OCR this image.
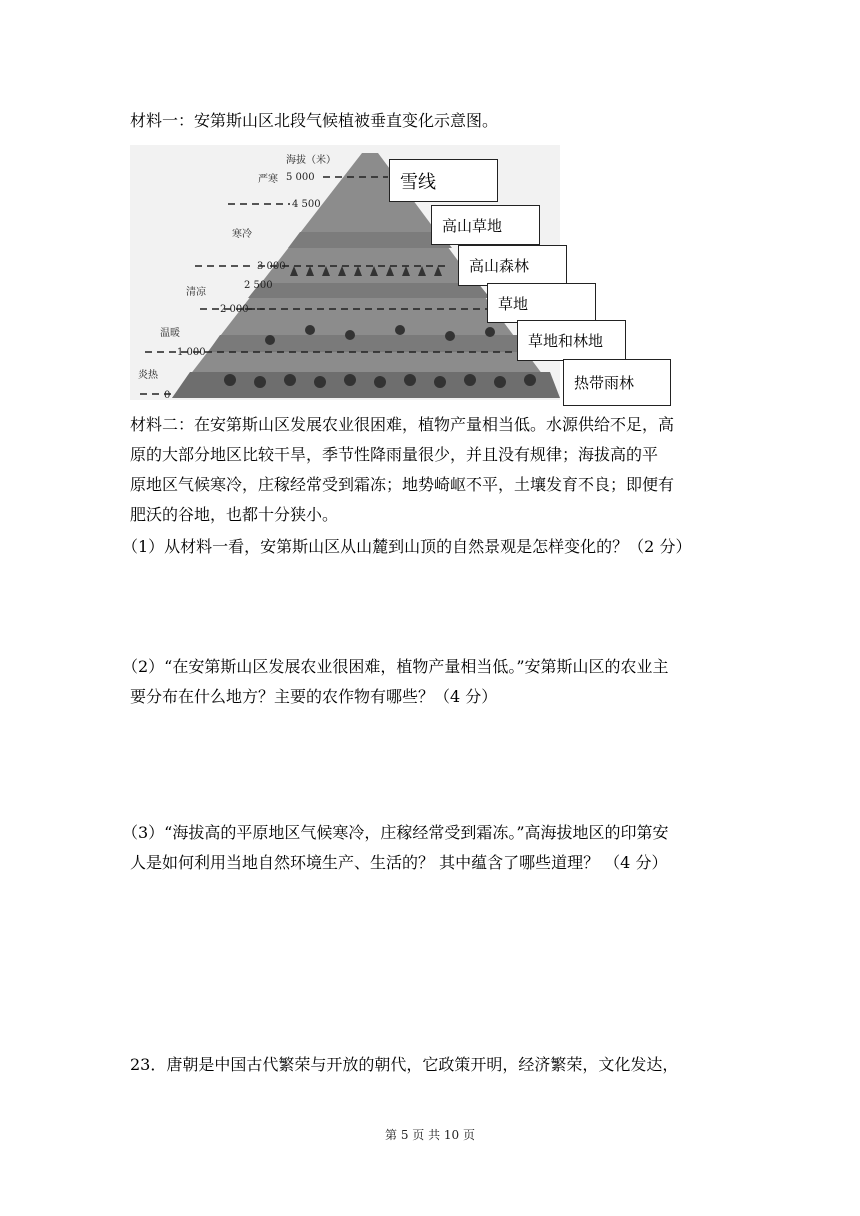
材料一：安第斯山区北段气候植被垂直变化示意图。

海拔（米）
5 000
4 500
3 000
2 500
2 000
1 000
0
严寒
寒冷
清凉
温暖
炎热
雪线
高山草地
高山森林
草地
草地和林地
热带雨林

材料二：在安第斯山区发展农业很困难，植物产量相当低。水源供给不足，高

原的大部分地区比较干旱，季节性降雨量很少，并且没有规律；海拔高的平

原地区气候寒冷，庄稼经常受到霜冻；地势崎岖不平，土壤发育不良；即便有

肥沃的谷地，也都十分狭小。

（1）从材料一看，安第斯山区从山麓到山顶的自然景观是怎样变化的？（2 分）

（2）“在安第斯山区发展农业很困难，植物产量相当低。”安第斯山区的农业主

要分布在什么地方？主要的农作物有哪些？（4 分）

（3）“海拔高的平原地区气候寒冷，庄稼经常受到霜冻。”高海拔地区的印第安

人是如何利用当地自然环境生产、生活的？ 其中蕴含了哪些道理？ （4 分）

23．唐朝是中国古代繁荣与开放的朝代，它政策开明，经济繁荣，文化发达，

第 5 页 共 10 页
